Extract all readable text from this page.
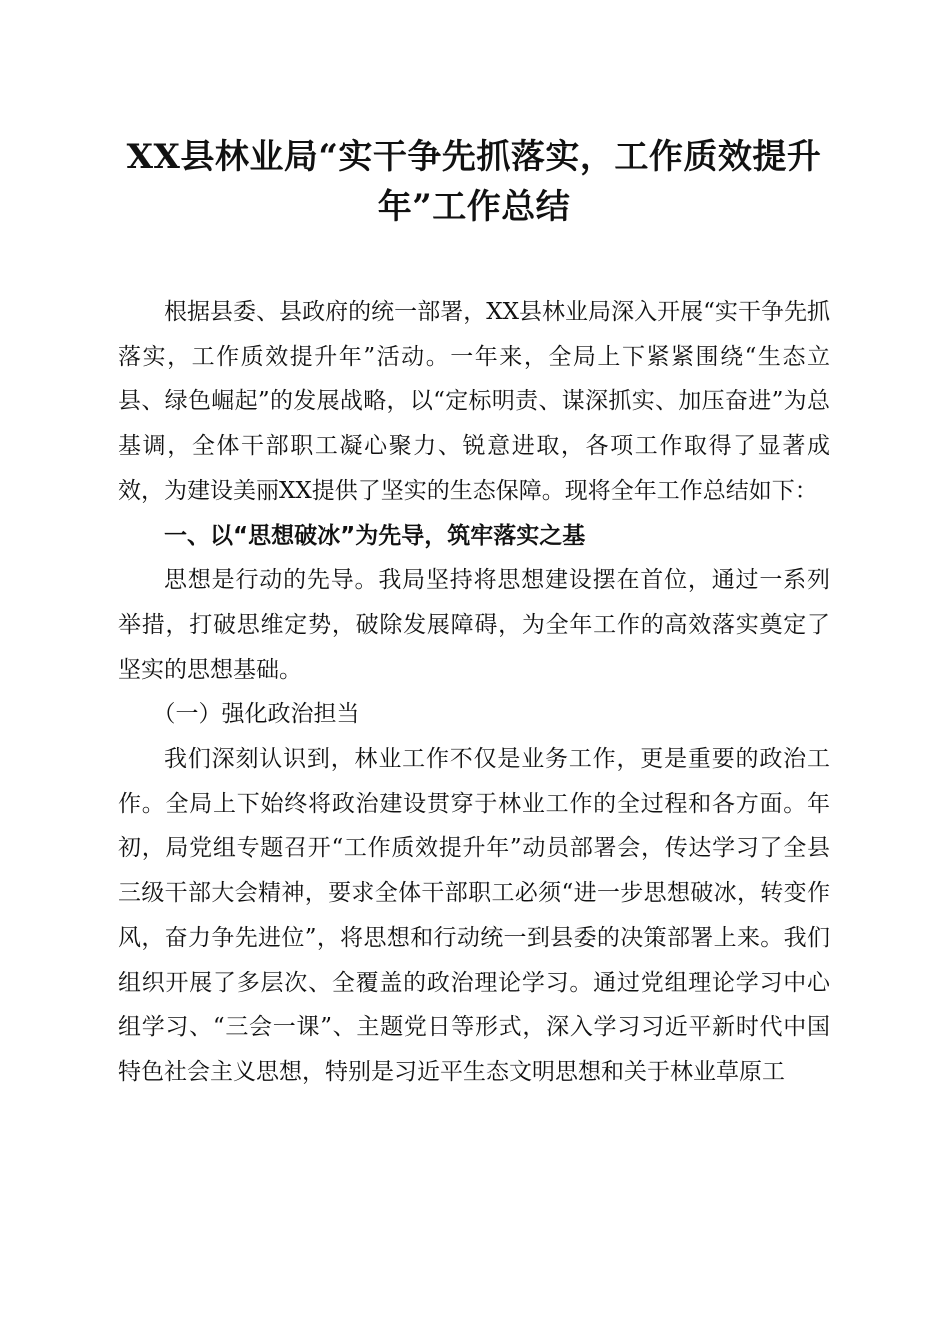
XX县林业局“实干争先抓落实，工作质效提升年”工作总结

根据县委、县政府的统一部署，XX县林业局深入开展“实干争先抓落实，工作质效提升年”活动。一年来，全局上下紧紧围绕“生态立县、绿色崛起”的发展战略，以“定标明责、谋深抓实、加压奋进”为总基调，全体干部职工凝心聚力、锐意进取，各项工作取得了显著成效，为建设美丽XX提供了坚实的生态保障。现将全年工作总结如下：

一、以“思想破冰”为先导，筑牢落实之基

思想是行动的先导。我局坚持将思想建设摆在首位，通过一系列举措，打破思维定势，破除发展障碍，为全年工作的高效落实奠定了坚实的思想基础。

（一）强化政治担当

我们深刻认识到，林业工作不仅是业务工作，更是重要的政治工作。全局上下始终将政治建设贯穿于林业工作的全过程和各方面。年初，局党组专题召开“工作质效提升年”动员部署会，传达学习了全县三级干部大会精神，要求全体干部职工必须“进一步思想破冰，转变作风，奋力争先进位”，将思想和行动统一到县委的决策部署上来。我们组织开展了多层次、全覆盖的政治理论学习。通过党组理论学习中心组学习、“三会一课”、主题党日等形式，深入学习习近平新时代中国特色社会主义思想，特别是习近平生态文明思想和关于林业草原工
